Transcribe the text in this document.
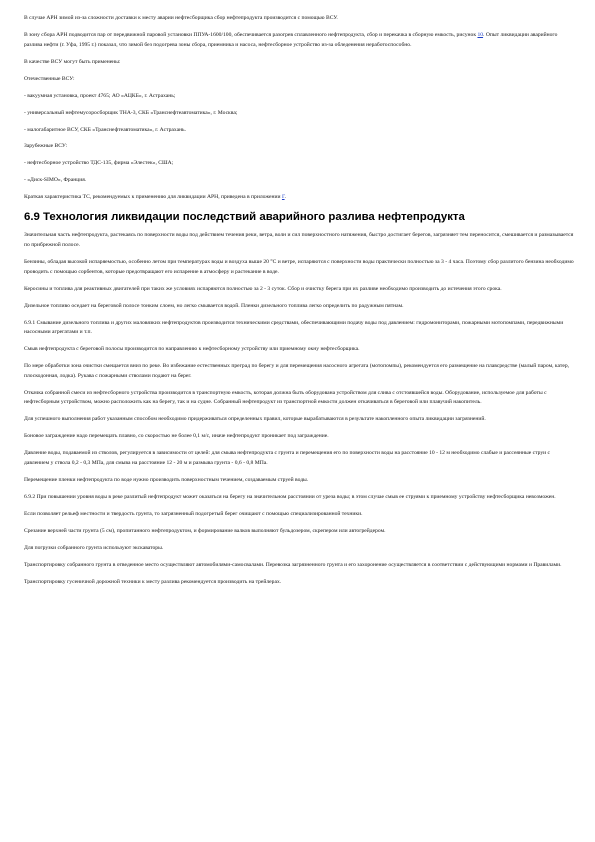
В случае АРН зимой из-за сложности доставки к месту аварии нефтесборщика сбор нефтепродукта производится с помощью ВСУ.

В зону сбора АРН подводится пар от передвижной паровой установки ППУА-1600/100, обеспечивается разогрев сплавленного нефтепродукта, сбор и перекачка в сборную емкость, рисунок 10. Опыт ликвидации аварийного разлива нефти (г. Уфа, 1995 г.) показал, что зимой без подогрева зоны сбора, приемника и насоса, нефтесборное устройство из-за обледенения неработоспособно.

В качестве ВСУ могут быть применены:

Отечественные ВСУ:

- вакуумная установка, проект 4765; АО «АЦКБ», г. Астрахань;

- универсальный нефтемусоросборщик ТНА-3, СКБ «Транснефтеавтоматика», г. Москва;

- малогабаритное ВСУ, СКБ «Транснефтеавтоматика», г. Астрахань.

Зарубежные ВСУ:

- нефтесборное устройство ТДС-135, фирма «Элестек», США;

- «Диск-SIMO», Франция.

Краткая характеристика ТС, рекомендуемых к применению для ликвидации АРН, приведена в приложении Г.

6.9 Технология ликвидации последствий аварийного разлива нефтепродукта

Значительная часть нефтепродукта, растекаясь по поверхности воды под действием течения реки, ветра, волн и сил поверхностного натяжения, быстро достигает берегов, загрязняет тем переносится, смешивается и размазывается по прибрежной полосе.

Бензины, обладая высокой испаряемостью, особенно летом при температурах воды и воздуха выше 20 °C и ветре, испаряются с поверхности воды практически полностью за 3 - 4 часа. Поэтому сбор разлитого бензина необходимо проводить с помощью сорбентов, которые предотвращают его испарение в атмосферу и растекание в воде.

Керосины и топлива для реактивных двигателей при таких же условиях испаряются полностью за 2 - 3 суток. Сбор и очистку берега при их разливе необходимо производить до истечения этого срока.

Дизельное топливо оседает на береговой полосе тонким слоем, но легко смывается водой. Пленки дизельного топлива легко определить по радужным пятнам.

6.9.1 Смывание дизельного топлива и других маловязких нефтепродуктов производится техническими средствами, обеспечивающими подачу воды под давлением: гидромониторами, пожарными мотопомпами, передвижными насосными агрегатами и т.п.

Смыв нефтепродукта с береговой полосы производится по направлению к нефтесборному устройству или приемному окну нефтесборщика.

По мере обработки зона очистки смещается вниз по реке. Во избежание естественных преград по берегу и для перемещения насосного агрегата (мотопомпы), рекомендуется его размещение на плавсредстве (малый паром, катер, плоскодонная, лодка). Рукава с пожарными стволами подают на берег.

Откачка собранной смеси из нефтесборного устройства производится в транспортную емкость, которая должна быть оборудована устройством для слива с отстоявшейся воды. Оборудование, используемое для работы с нефтесборным устройством, можно расположить как на берегу, так и на судне. Собранный нефтепродукт из транспортной емкости должен откачиваться в береговой или плавучий накопитель.

Для успешного выполнения работ указанным способом необходимо придерживаться определенных правил, которые вырабатываются в результате накопленного опыта ликвидации загрязнений.

Боновое заграждение надо перемещать плавно, со скоростью не более 0,1 м/с, иначе нефтепродукт проникает под заграждение.

Давление воды, подаваемой из стволов, регулируется в зависимости от целей: для смыва нефтепродукта с грунта и перемещения его по поверхности воды на расстояние 10 - 12 м необходимо слабые и рассеянные струи с давлением у ствола 0,2 - 0,3 МПа, для смыва на расстояние 12 - 20 м и размыва грунта - 0,6 - 0,8 МПа.

Перемещение пленки нефтепродукта по воде нужно производить поверхностным течением, создаваемым струей воды.

6.9.2 При повышении уровня воды в реке разлитый нефтепродукт может оказаться на берегу на значительном расстоянии от уреза воды; в этом случае смыв ее струями к приемному устройству нефтесборщика невозможен.

Если позволяет рельеф местности и твердость грунта, то загрязненный подогретый берег очищают с помощью специализированной техники.

Срезание верхней части грунта (5 см), пропитанного нефтепродуктом, и формирование валков выполняют бульдозером, скрепером или автогрейдером.

Для погрузки собранного грунта используют экскаваторы.

Транспортировку собранного грунта в отведенное место осуществляют автомобилями-самосвалами. Перевозка загрязненного грунта и его захоронение осуществляется в соответствии с действующими нормами и Правилами.

Транспортировку гусеничной дорожной техники к месту разлива рекомендуется производить на трейлерах.
